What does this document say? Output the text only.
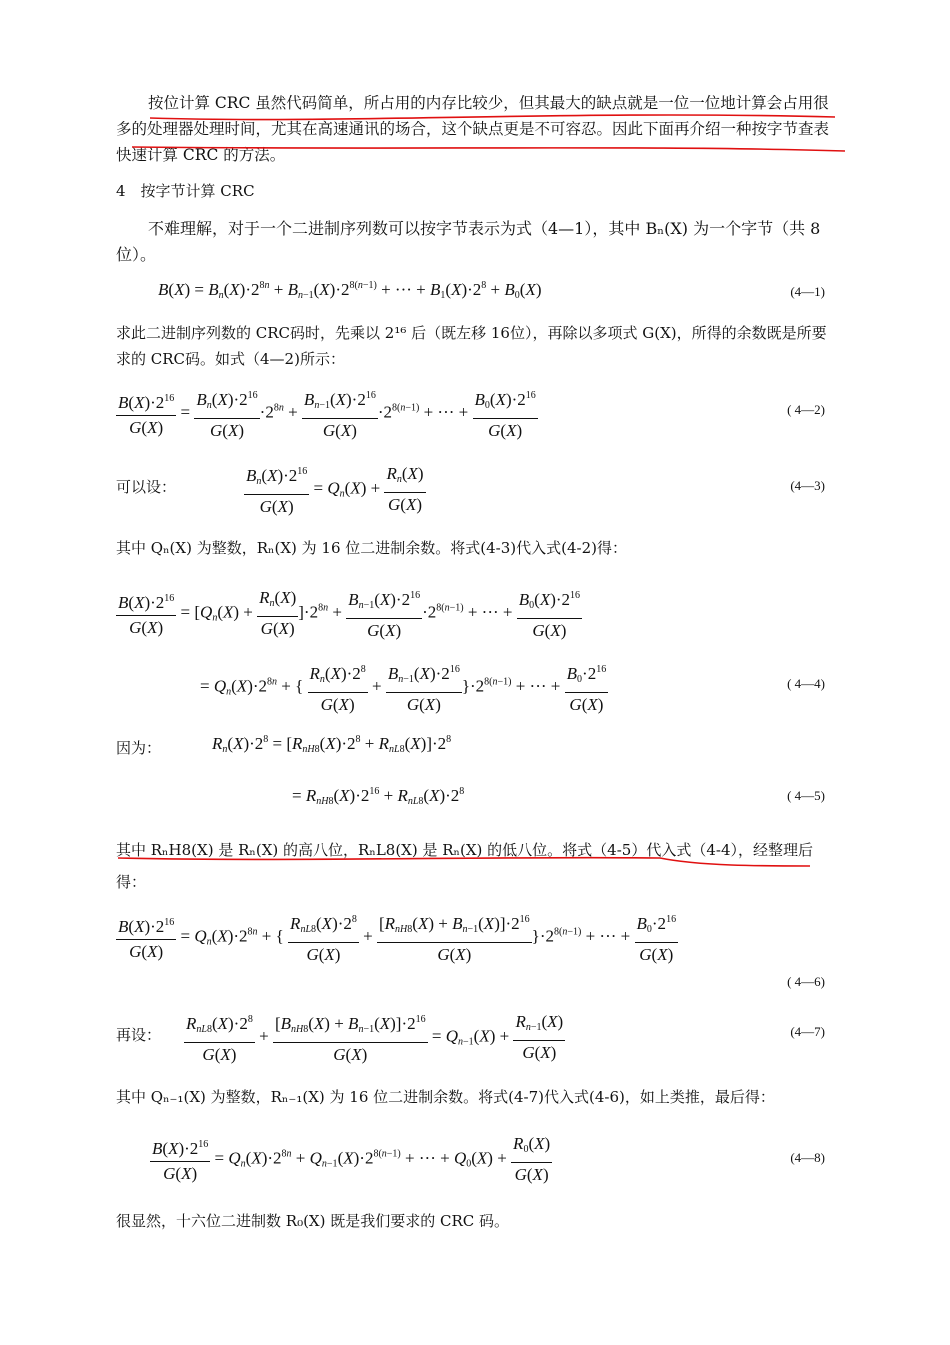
按位计算 CRC 虽然代码简单，所占用的内存比较少，但其最大的缺点就是一位一位地计算会占用很多的处理器处理时间，尤其在高速通讯的场合，这个缺点更是不可容忍。因此下面再介绍一种按字节查表快速计算 CRC 的方法。
4　按字节计算 CRC
不难理解，对于一个二进制序列数可以按字节表示为式（4—1），其中 Bₙ(X) 为一个字节（共 8位）。
$B(X) = B_n(X)\cdot 2^{8n} + B_{n-1}(X)\cdot 2^{8(n-1)}$ + ··· + $B_1(X)\cdot 2^8 + B_0(X)$	(4—1)
求此二进制序列数的 CRC码时，先乘以 2¹⁶ 后（既左移 16位），再除以多项式 G(X)，所得的余数既是所要求的 CRC码。如式（4—2)所示：
$\frac{B(X)\cdot 2^{16}}{G(X)} = \frac{B_n(X)\cdot 2^{16}}{G(X)} \cdot 2^{8n} + \frac{B_{n-1}(X)\cdot 2^{16}}{G(X)} \cdot 2^{8(n-1)}$ + ··· + $\frac{B_0(X)\cdot 2^{16}}{G(X)}$	( 4—2)
可以设：	$\frac{B_n(X)\cdot 2^{16}}{G(X)} = Q_n(X) + \frac{R_n(X)}{G(X)}$	(4—3)
其中 Qₙ(X) 为整数，Rₙ(X) 为 16 位二进制余数。将式(4-3)代入式(4-2)得：
$\frac{B(X)\cdot 2^{16}}{G(X)} = [Q_n(X) + \frac{R_n(X)}{G(X)} ]\cdot 2^{8n} + \frac{B_{n-1}(X)\cdot 2^{16}}{G(X)} \cdot 2^{8(n-1)}$ + ··· + $\frac{B_0(X)\cdot 2^{16}}{G(X)}$
= $Q_n(X)\cdot 2^{8n}$ + { $\frac{R_n(X)\cdot 2^8}{G(X)} + \frac{B_{n-1}(X)\cdot 2^{16}}{G(X)} \}\cdot 2^{8(n-1)}$ + ··· + $\frac{B_0\cdot 2^{16}}{G(X)}$	( 4—4)
因为：	$R_n(X)\cdot 2^8 = [R_{nH8}(X)\cdot 2^8 + R_{nL8}(X)]\cdot 2^8$
= $R_{nH8}(X)\cdot 2^{16} + R_{nL8}(X)\cdot 2^8$	( 4—5)
其中 RₙH8(X) 是 Rₙ(X) 的高八位，RₙL8(X) 是 Rₙ(X) 的低八位。将式（4-5）代入式（4-4），经整理后得：
$\frac{B(X)\cdot 2^{16}}{G(X)} = Q_n(X)\cdot 2^{8n}$ + { $\frac{R_{nL8}(X)\cdot 2^8}{G(X)} + \frac{[R_{nH8}(X) + B_{n-1}(X)]\cdot 2^{16}}{G(X)} \}\cdot 2^{8(n-1)}$ + ··· + $\frac{B_0\cdot 2^{16}}{G(X)}$
( 4—6)
再设： $\frac{R_{nL8}(X)\cdot 2^8}{G(X)} + \frac{[B_{nH8}(X) + B_{n-1}(X)]\cdot 2^{16}}{G(X)} = Q_{n-1}(X) + \frac{R_{n-1}(X)}{G(X)}$	(4—7)
其中 Qₙ₋₁(X) 为整数，Rₙ₋₁(X) 为 16 位二进制余数。将式(4-7)代入式(4-6)，如上类推，最后得：
$\frac{B(X)\cdot 2^{16}}{G(X)} = Q_n(X)\cdot 2^{8n} + Q_{n-1}(X)\cdot 2^{8(n-1)}$ + ··· + $Q_0(X) + \frac{R_0(X)}{G(X)}$	(4—8)
很显然，十六位二进制数 R₀(X) 既是我们要求的 CRC 码。
